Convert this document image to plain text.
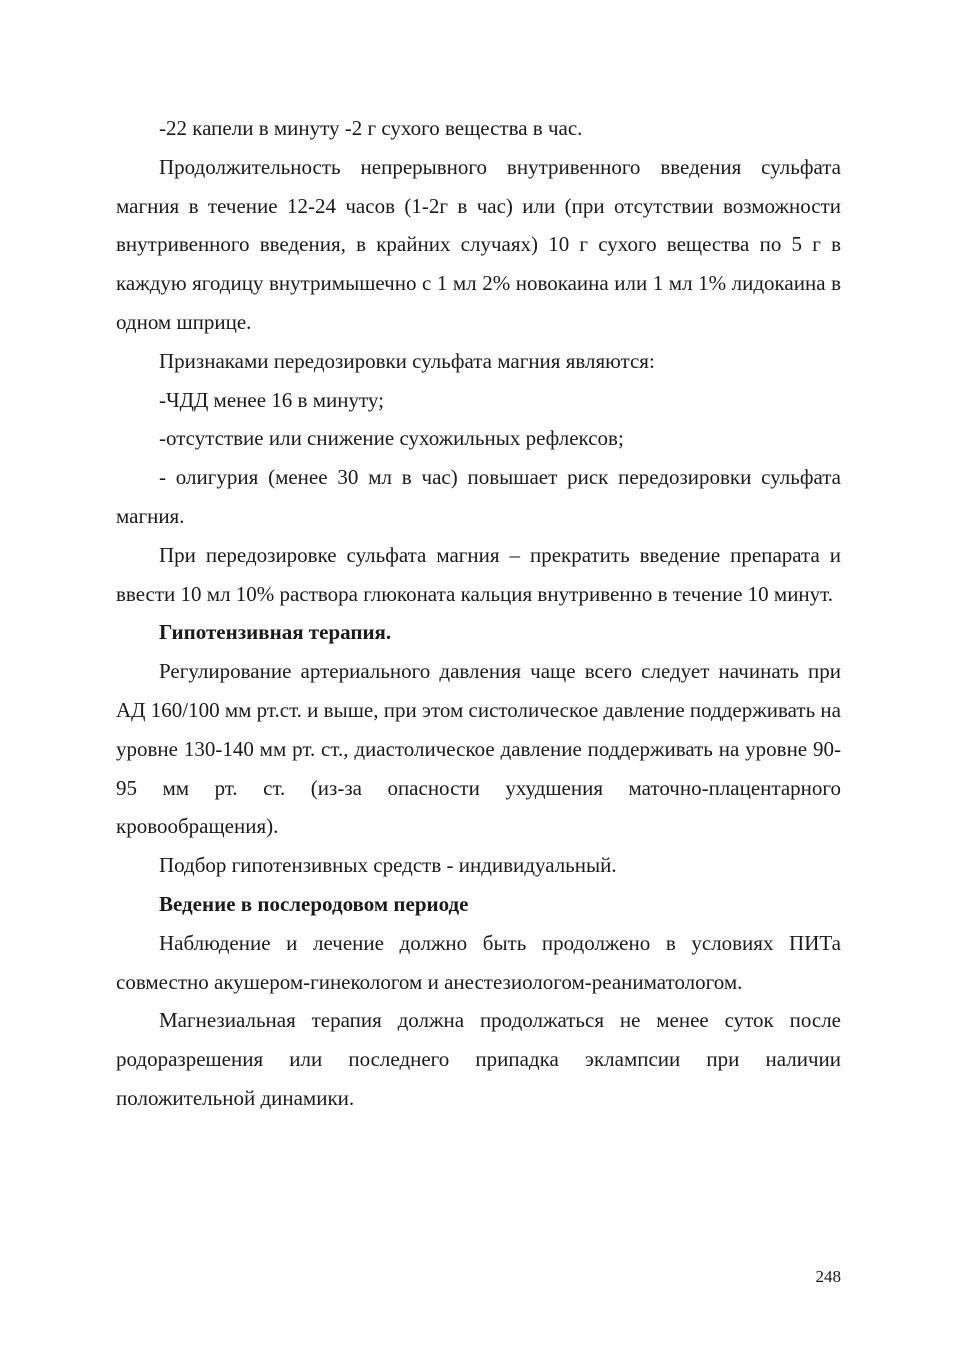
-22 капели в минуту -2 г сухого вещества в час.

Продолжительность непрерывного внутривенного введения сульфата магния в течение 12-24 часов (1-2г в час) или (при отсутствии возможности внутривенного введения, в крайних случаях) 10 г сухого вещества по 5 г в каждую ягодицу внутримышечно с 1 мл 2% новокаина или 1 мл 1% лидокаина в одном шприце.

Признаками передозировки сульфата магния являются:

-ЧДД менее 16 в минуту;

-отсутствие или снижение сухожильных рефлексов;

- олигурия (менее 30 мл в час) повышает риск передозировки сульфата магния.

При передозировке сульфата магния – прекратить введение препарата и ввести 10 мл 10% раствора глюконата кальция внутривенно в течение 10 минут.

Гипотензивная терапия.

Регулирование артериального давления чаще всего следует начинать при АД 160/100 мм рт.ст. и выше, при этом систолическое давление поддерживать на уровне 130-140 мм рт. ст., диастолическое давление поддерживать на уровне 90-95 мм рт. ст. (из-за опасности ухудшения маточно-плацентарного кровообращения).

Подбор гипотензивных средств - индивидуальный.

Ведение в послеродовом периоде

Наблюдение и лечение должно быть продолжено в условиях ПИТа совместно акушером-гинекологом и анестезиологом-реаниматологом.

Магнезиальная терапия должна продолжаться не менее суток после родоразрешения или последнего припадка эклампсии при наличии положительной динамики.

248
